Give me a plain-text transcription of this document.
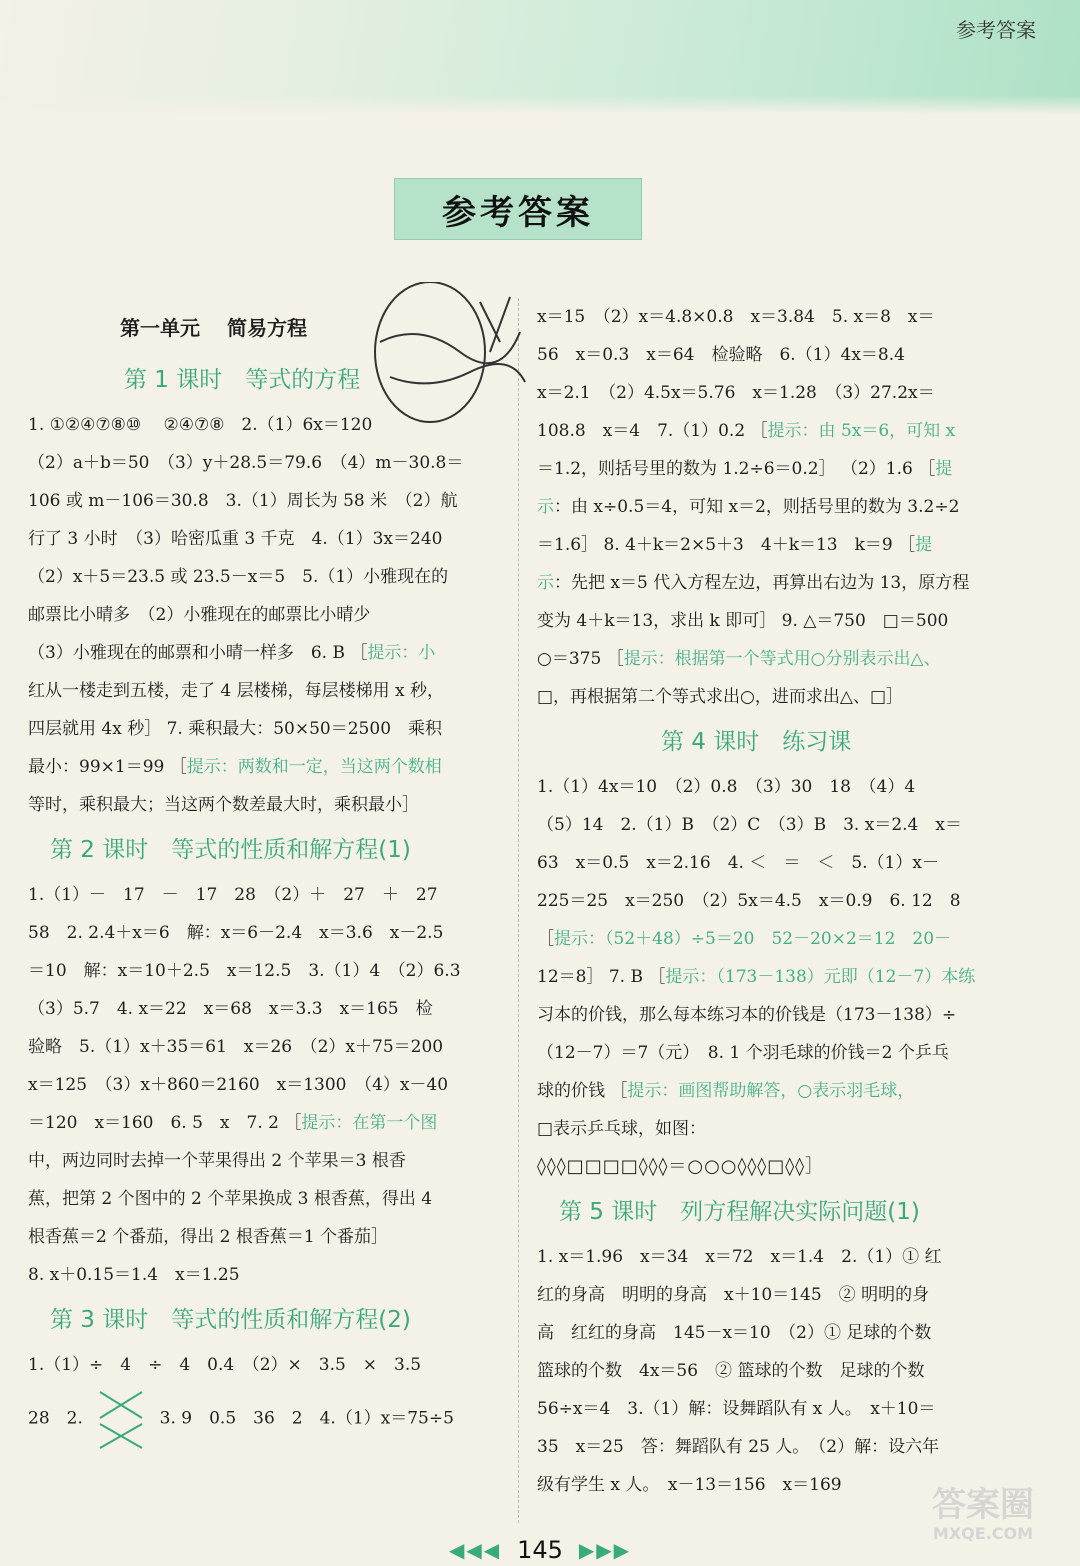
参考答案
参考答案

第一单元　 简易方程

第 1 课时　等式的方程

1. ①②④⑦⑧⑩　 ②④⑦⑧　2.（1）6x＝120

（2）a＋b＝50　（3）y＋28.5＝79.6　（4）m－30.8＝

106 或 m－106＝30.8　3.（1）周长为 58 米　（2）航

行了 3 小时　（3）哈密瓜重 3 千克　4.（1）3x＝240

（2）x＋5＝23.5 或 23.5－x＝5　5.（1）小雅现在的

邮票比小晴多　（2）小雅现在的邮票比小晴少

（3）小雅现在的邮票和小晴一样多　6. B ［提示：小

红从一楼走到五楼，走了 4 层楼梯，每层楼梯用 x 秒，

四层就用 4x 秒］ 7. 乘积最大：50×50＝2500　乘积

最小：99×1＝99 ［提示：两数和一定，当这两个数相

等时，乘积最大；当这两个数差最大时，乘积最小］

第 2 课时　等式的性质和解方程(1)

1.（1）－　17　－　17　28　（2）＋　27　＋　27

58　2. 2.4＋x＝6　解：x＝6－2.4　x＝3.6　x－2.5

＝10　解：x＝10＋2.5　x＝12.5　3.（1）4　（2）6.3

（3）5.7　4. x＝22　x＝68　x＝3.3　x＝165　检

验略　5.（1）x＋35＝61　x＝26　（2）x＋75＝200

x＝125　（3）x＋860＝2160　x＝1300　（4）x－40

＝120　x＝160　6. 5　x　7. 2 ［提示：在第一个图

中，两边同时去掉一个苹果得出 2 个苹果＝3 根香

蕉，把第 2 个图中的 2 个苹果换成 3 根香蕉，得出 4

根香蕉＝2 个番茄，得出 2 根香蕉＝1 个番茄］

8. x＋0.15＝1.4　x＝1.25

第 3 课时　等式的性质和解方程(2)

1.（1）÷　4　÷　4　0.4　（2）×　3.5　×　3.5

28　2.	3. 9　0.5　36　2　4.（1）x＝75÷5

x＝15　（2）x＝4.8×0.8　x＝3.84　5. x＝8　x＝

56　x＝0.3　x＝64　检验略　6.（1）4x＝8.4

x＝2.1　（2）4.5x＝5.76　x＝1.28　（3）27.2x＝

108.8　x＝4　7.（1）0.2 ［提示：由 5x＝6，可知 x

＝1.2，则括号里的数为 1.2÷6＝0.2］ （2）1.6 ［提

示：由 x÷0.5＝4，可知 x＝2，则括号里的数为 3.2÷2

＝1.6］ 8. 4＋k＝2×5＋3　4＋k＝13　k＝9 ［提

示：先把 x＝5 代入方程左边，再算出右边为 13，原方程

变为 4＋k＝13，求出 k 即可］ 9. △＝750　□＝500

○＝375 ［提示：根据第一个等式用○分别表示出△、

□，再根据第二个等式求出○，进而求出△、□］

第 4 课时　练习课

1.（1）4x＝10　（2）0.8　（3）30　18　（4）4

（5）14　2.（1）B　（2）C　（3）B　3. x＝2.4　x＝

63　x＝0.5　x＝2.16　4. ＜　＝　＜　5.（1）x－

225＝25　x＝250　（2）5x＝4.5　x＝0.9　6. 12　8

［提示：（52＋48）÷5＝20　52－20×2＝12　20－

12＝8］ 7. B ［提示：（173－138）元即（12－7）本练

习本的价钱，那么每本练习本的价钱是（173－138）÷

（12－7）＝7（元）　8. 1 个羽毛球的价钱＝2 个乒乓

球的价钱 ［提示：画图帮助解答，○表示羽毛球，

□表示乒乓球，如图：

◊◊◊□□□□◊◊◊＝○○○◊◊◊□◊◊］

第 5 课时　列方程解决实际问题(1)

1. x＝1.96　x＝34　x＝72　x＝1.4　2.（1）① 红

红的身高　明明的身高　x＋10＝145　② 明明的身

高　红红的身高　145－x＝10　（2）① 足球的个数

篮球的个数　4x＝56　② 篮球的个数　足球的个数

56÷x＝4　3.（1）解：设舞蹈队有 x 人。　x＋10＝

35　x＝25　答：舞蹈队有 25 人。　（2）解：设六年

级有学生 x 人。　x－13＝156　x＝169	答案圈
MXQE.COM
◀◀◀ 145 ▶▶▶
